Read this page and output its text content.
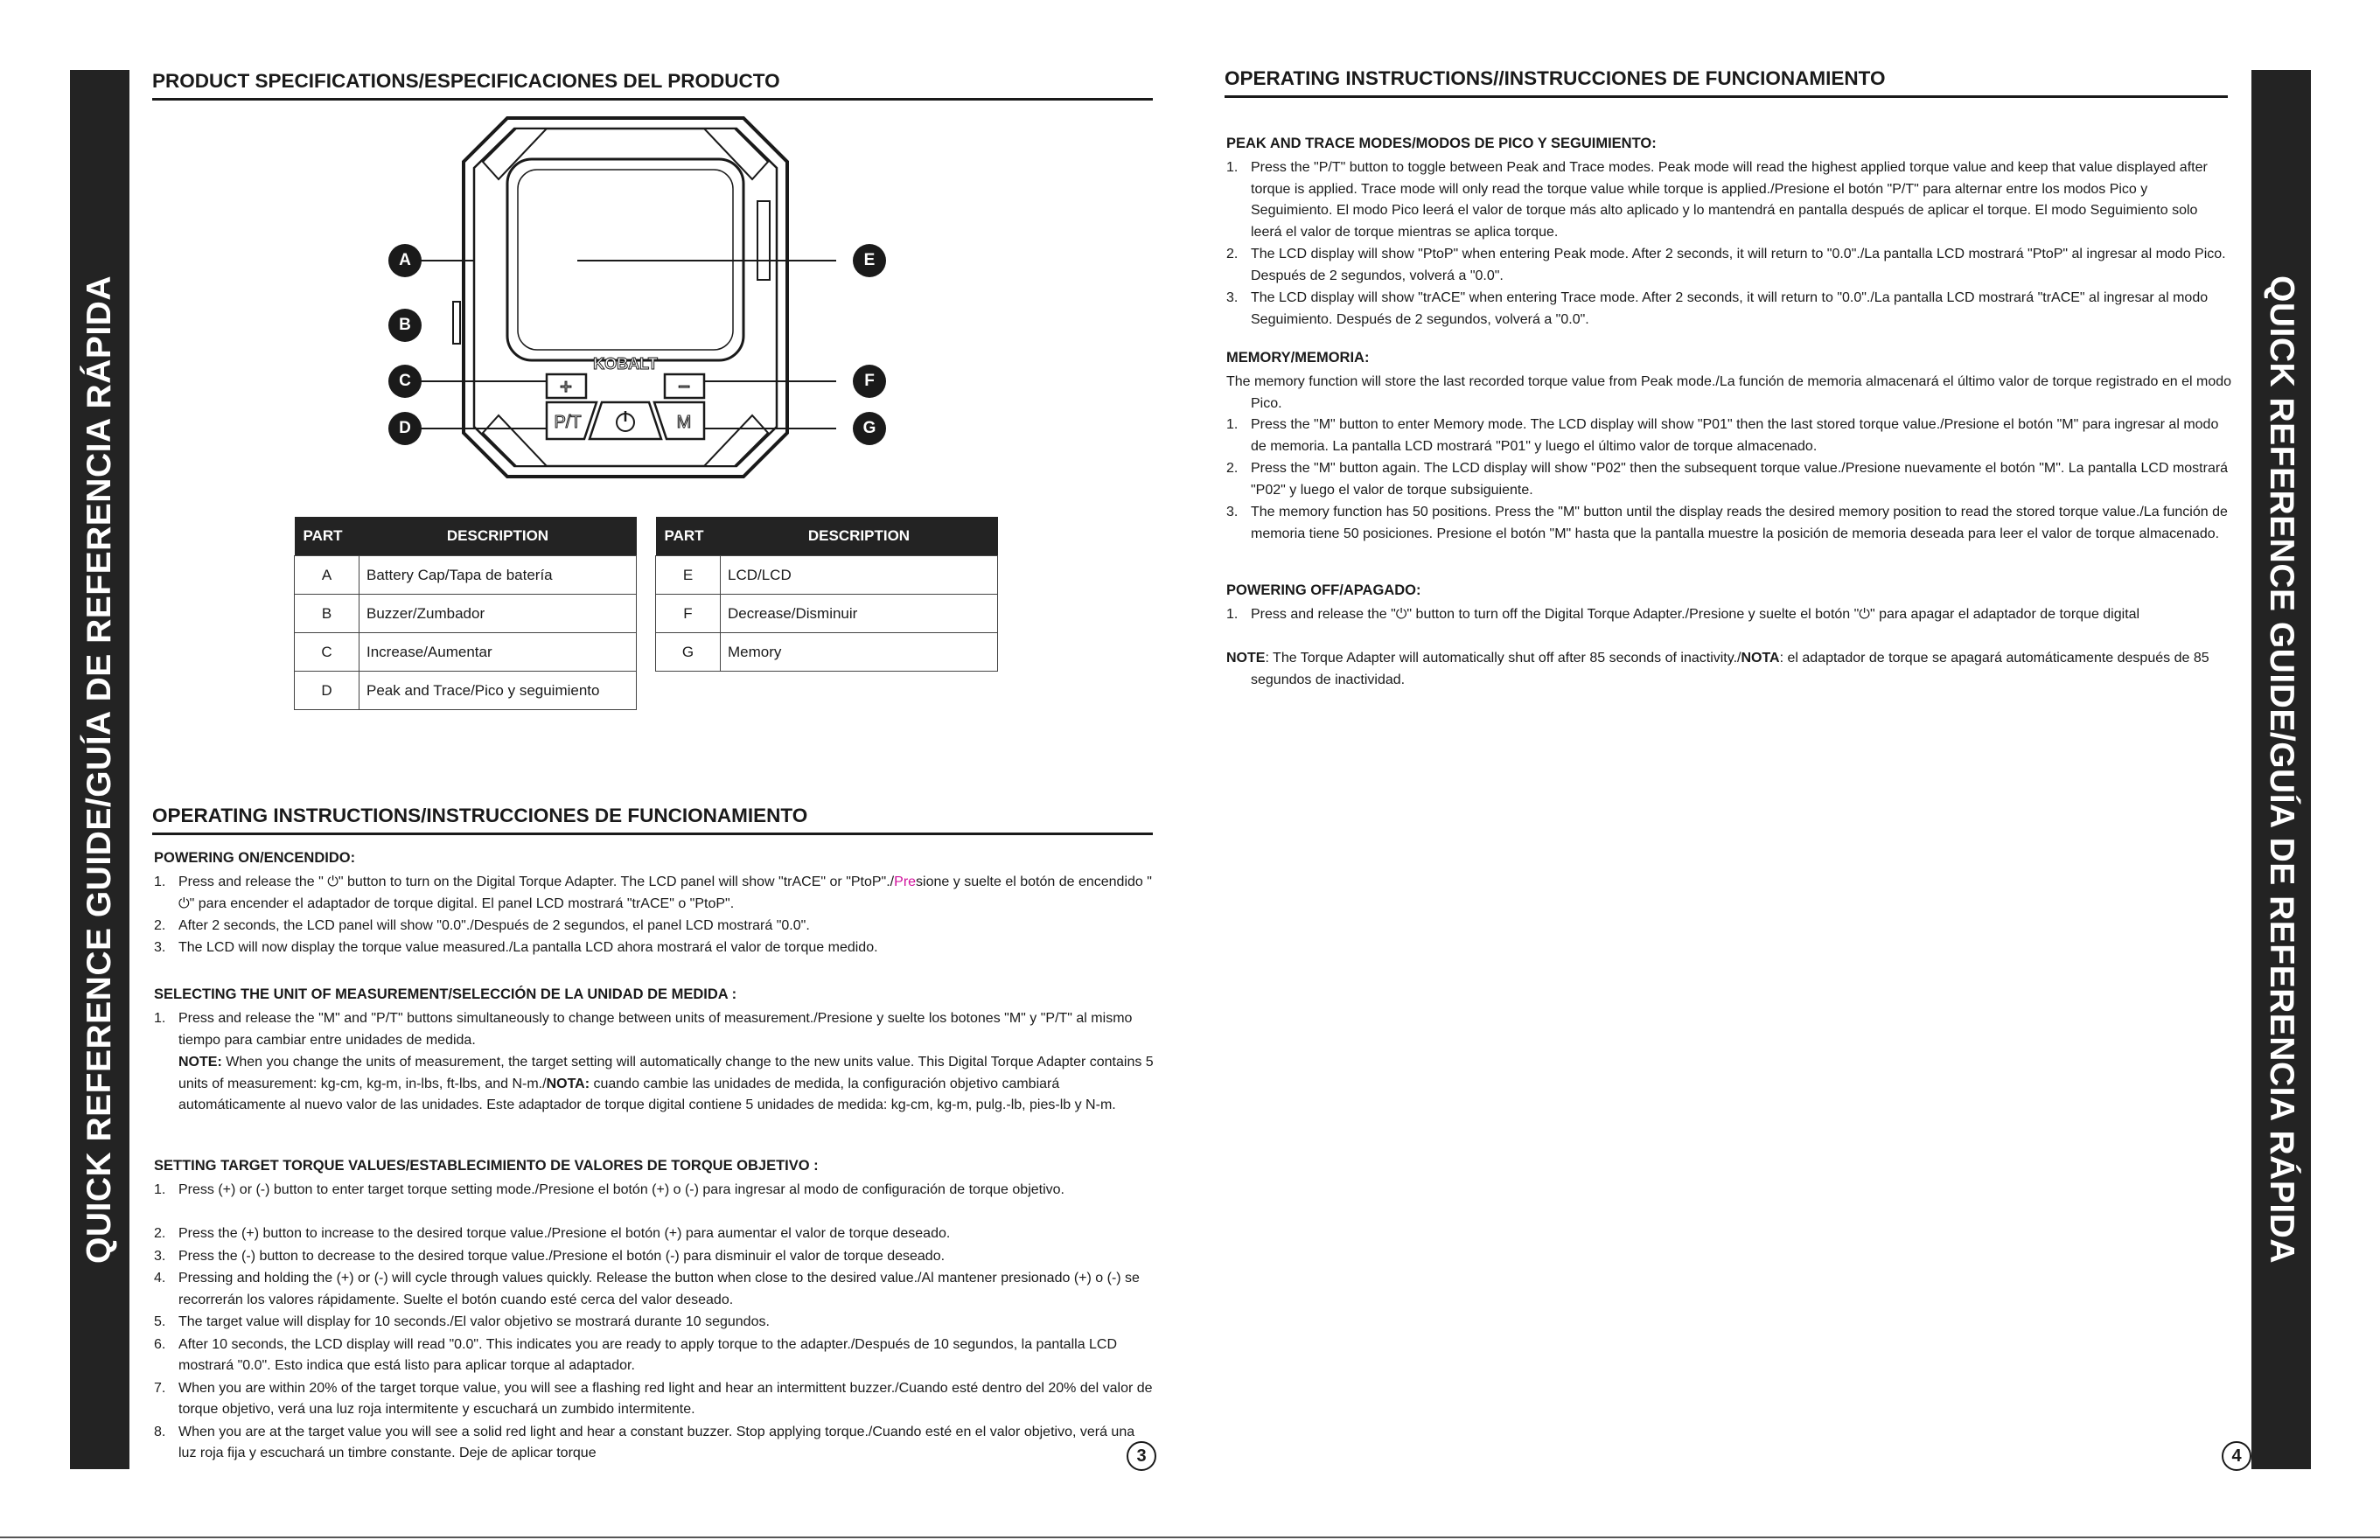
QUICK REFERENCE GUIDE/GUÍA DE REFERENCIA RÁPIDA	QUICK REFERENCE GUIDE/GUÍA DE REFERENCIA RÁPIDA
PRODUCT SPECIFICATIONS/ESPECIFICACIONES DEL PRODUCTO
KOBALT
+	−
P/T	M
A
B
C
D
E
F
G
PART	DESCRIPTION
A	Battery Cap/Tapa de batería
B	Buzzer/Zumbador
C	Increase/Aumentar
D	Peak and Trace/Pico y seguimiento
PART	DESCRIPTION
E	LCD/LCD
F	Decrease/Disminuir
G	Memory
OPERATING INSTRUCTIONS/INSTRUCCIONES DE FUNCIONAMIENTO
POWERING ON/ENCENDIDO:
1. Press and release the " ⏻" button to turn on the Digital Torque Adapter. The LCD panel will show "trACE" or "PtoP"./Presione y suelte el botón de encendido " ⏻" para encender el adaptador de torque digital. El panel LCD mostrará "trACE" o "PtoP".
2. After 2 seconds, the LCD panel will show "0.0"./Después de 2 segundos, el panel LCD mostrará "0.0".
3. The LCD will now display the torque value measured./La pantalla LCD ahora mostrará el valor de torque medido.
SELECTING THE UNIT OF MEASUREMENT/SELECCIÓN DE LA UNIDAD DE MEDIDA :
1. Press and release the "M" and "P/T" buttons simultaneously to change between units of measurement./Presione y suelte los botones "M" y "P/T" al mismo tiempo para cambiar entre unidades de medida.
NOTE: When you change the units of measurement, the target setting will automatically change to the new units value. This Digital Torque Adapter contains 5 units of measurement: kg-cm, kg-m, in-lbs, ft-lbs, and N-m./NOTA: cuando cambie las unidades de medida, la configuración objetivo cambiará automáticamente al nuevo valor de las unidades. Este adaptador de torque digital contiene 5 unidades de medida: kg-cm, kg-m, pulg.-lb, pies-lb y N-m.
SETTING TARGET TORQUE VALUES/ESTABLECIMIENTO DE VALORES DE TORQUE OBJETIVO :
1. Press (+) or (-) button to enter target torque setting mode./Presione el botón (+) o (-) para ingresar al modo de configuración de torque objetivo.
2. Press the (+) button to increase to the desired torque value./Presione el botón (+) para aumentar el valor de torque deseado.
3. Press the (-) button to decrease to the desired torque value./Presione el botón (-) para disminuir el valor de torque deseado.
4. Pressing and holding the (+) or (-) will cycle through values quickly. Release the button when close to the desired value./Al mantener presionado (+) o (-) se recorrerán los valores rápidamente. Suelte el botón cuando esté cerca del valor deseado.
5. The target value will display for 10 seconds./El valor objetivo se mostrará durante 10 segundos.
6. After 10 seconds, the LCD display will read "0.0". This indicates you are ready to apply torque to the adapter./Después de 10 segundos, la pantalla LCD mostrará "0.0". Esto indica que está listo para aplicar torque al adaptador.
7. When you are within 20% of the target torque value, you will see a flashing red light and hear an intermittent buzzer./Cuando esté dentro del 20% del valor de torque objetivo, verá una luz roja intermitente y escuchará un zumbido intermitente.
8. When you are at the target value you will see a solid red light and hear a constant buzzer. Stop applying torque./Cuando esté en el valor objetivo, verá una luz roja fija y escuchará un timbre constante. Deje de aplicar torque	3
OPERATING INSTRUCTIONS//INSTRUCCIONES DE FUNCIONAMIENTO
PEAK AND TRACE MODES/MODOS DE PICO Y SEGUIMIENTO:
1. Press the "P/T" button to toggle between Peak and Trace modes. Peak mode will read the highest applied torque value and keep that value displayed after torque is applied. Trace mode will only read the torque value while torque is applied./Presione el botón "P/T" para alternar entre los modos Pico y Seguimiento. El modo Pico leerá el valor de torque más alto aplicado y lo mantendrá en pantalla después de aplicar el torque. El modo Seguimiento solo leerá el valor de torque mientras se aplica torque.
2. The LCD display will show "PtoP" when entering Peak mode. After 2 seconds, it will return to "0.0"./La pantalla LCD mostrará "PtoP" al ingresar al modo Pico. Después de 2 segundos, volverá a "0.0".
3. The LCD display will show "trACE" when entering Trace mode. After 2 seconds, it will return to "0.0"./La pantalla LCD mostrará "trACE" al ingresar al modo Seguimiento. Después de 2 segundos, volverá a "0.0".
MEMORY/MEMORIA:
The memory function will store the last recorded torque value from Peak mode./La función de memoria almacenará el último valor de torque registrado en el modo Pico.
1. Press the "M" button to enter Memory mode. The LCD display will show "P01" then the last stored torque value./Presione el botón "M" para ingresar al modo de memoria. La pantalla LCD mostrará "P01" y luego el último valor de torque almacenado.
2. Press the "M" button again. The LCD display will show "P02" then the subsequent torque value./Presione nuevamente el botón "M". La pantalla LCD mostrará "P02" y luego el valor de torque subsiguiente.
3. The memory function has 50 positions. Press the "M" button until the display reads the desired memory position to read the stored torque value./La función de memoria tiene 50 posiciones. Presione el botón "M" hasta que la pantalla muestre la posición de memoria deseada para leer el valor de torque almacenado.
POWERING OFF/APAGADO:
1. Press and release the "⏻" button to turn off the Digital Torque Adapter./Presione y suelte el botón "⏻" para apagar el adaptador de torque digital
NOTE: The Torque Adapter will automatically shut off after 85 seconds of inactivity./NOTA: el adaptador de torque se apagará automáticamente después de 85 segundos de inactividad.
4
